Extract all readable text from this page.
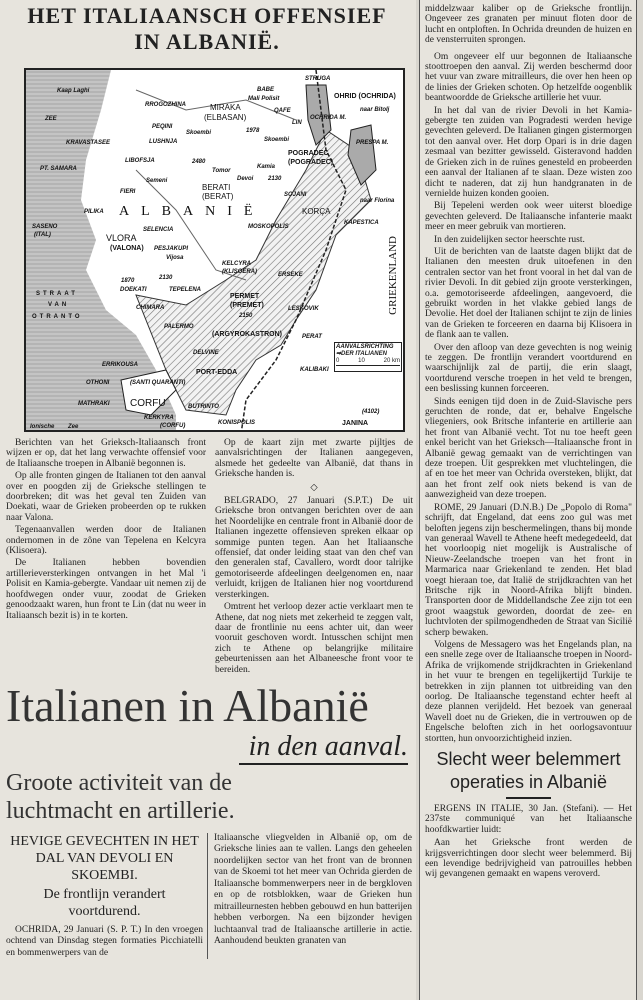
HET ITALIAANSCH OFFENSIEF
IN ALBANIË.
Kaap Laghi
ZEE
RROGOZHINA
PEQINI
Skoembi
MIRAKA
(ELBASAN)
Mali Polisit
1978
BABE
QAFE
LIN
Skoembi
STRUGA
OHRID (OCHRIDA)
OCHRIDA M.
naar Bitolj
PRESPA M.
KRAVASTASEE	LUSHNJA
LIBOFSJA
PT. SAMARA
FIERI
Semeni
2480
Tomor
Devoi
Kamia
2130
POGRADEC
(POGRADEC)
BERATI
(BERAT)	SOJANI
PILIKA ALBANIË
SASENO
(ITAL)
SELENCIA	MOSKOPOLIS
KORÇA
KAPESTICA
naar Florina
VLORA
(VALONA) PESJAKUPI
Vijosa
KELCYRA
(KLISOERA)
1870	2130
DOEKATI	TEPELENA
ERSEKE
STRAAT
VAN
OTRANTO
CHIMARA
PERMET
(PREMET)
2150
LESKOVIK
PALERMO
(ARGYROKASTRON)	PERAT
DELVINE
ERRIKOUSA
OTHONI
PORT-EDDA
(SANTI QUARANTI)
KALIBAKI
MATHRAKI CORFU	BUTRINTO
KONISPOLIS
KERKYRA
(CORFU)
Ionische Zee	JANINA
(4102)
GRIEKENLAND
AANVALSRICHTING
➡DER ITALIANEN
0	10	20 km

Berichten van het Grieksch-Italiaansch front wijzen er op, dat het lang verwachte offensief voor de Italiaansche troepen in Albanië begonnen is.

Op alle fronten gingen de Italianen tot den aanval over en poogden zij de Grieksche stellingen te doorbreken; dit was het geval ten Zuiden van Doekati, waar de Grieken probeerden op te rukken naar Valona.

Tegenaanvallen werden door de Italianen ondernomen in de zône van Tepelena en Kelcyra (Klisoera).

De Italianen hebben bovendien artillerieversterkingen ontvangen in het Mal 'i Polisit en Kamia-gebergte. Vandaar uit nemen zij de hoofdwegen onder vuur, zoodat de Grieken genoodzaakt waren, hun front te Lin (dat nu weer in Italiaansch bezit is) in te korten.

Op de kaart zijn met zwarte pijltjes de aanvalsrichtingen der Italianen aangegeven, alsmede het gedeelte van Albanië, dat thans in Grieksche handen is.

◇

BELGRADO, 27 Januari (S.P.T.) De uit Grieksche bron ontvangen berichten over de aan het Noordelijke en centrale front in Albanië door de Italianen ingezette offensieven spreken elkaar op sommige punten tegen. Aan het Italiaansche offensief, dat onder leiding staat van den chef van den generalen staf, Cavallero, wordt door talrijke gemotoriseerde afdeelingen deelgenomen en, naar verluidt, krijgen de Italianen hier nog voortdurend versterkingen.

Omtrent het verloop dezer actie verklaart men te Athene, dat nog niets met zekerheid te zeggen valt, daar de frontlinie nu eens achter uit, dan weer vooruit geschoven wordt. Intusschen schijnt men zich te Athene op belangrijke militaire gebeurtenissen aan het Albaneesche front voor te bereiden.

Italianen in Albanië
in den aanval.
Groote activiteit van de luchtmacht en artillerie.
HEVIGE GEVECHTEN IN HET DAL VAN DEVOLI EN SKOEMBI.
De frontlijn verandert voortdurend.
OCHRIDA, 29 Januari (S. P. T.) In den vroegen ochtend van Dinsdag stegen formaties Picchiatelli en bommenwerpers van de
Italiaansche vliegvelden in Albanië op, om de Grieksche linies aan te vallen. Langs den geheelen noordelijken sector van het front van de bronnen van de Skoemi tot het meer van Ochrida gierden de Italiaansche bommenwerpers neer in de bergkloven en op de rotsblokken, waar de Grieken hun mitrailleurnesten hebben gebouwd en hun batterijen hebben verborgen. Na een bijzonder hevigen luchtaanval trad de Italiaansche artillerie in actie. Aanhoudend beukten granaten van

middelzwaar kaliber op de Grieksche frontlijn. Ongeveer zes granaten per minuut floten door de lucht en ontploften. In Ochrida dreunden de huizen en de vensterruiten sprongen.

Om ongeveer elf uur begonnen de Italiaansche stoottroepen den aanval. Zij werden beschermd door het vuur van zware mitrailleurs, die over hen heen op de linies der Grieken schoten. Op hetzelfde oogenblik beantwoordde de Grieksche artillerie het vuur.

In het dal van de rivier Devoli in het Kamia-gebergte ten zuiden van Pogradesti werden hevige gevechten geleverd. De Italianen gingen gistermorgen tot den aanval over. Het dorp Opari is in drie dagen zesmaal van bezitter gewisseld. Gisteravond hadden de Grieken zich in de ruïnes genesteld en probeerden een aanval der Italianen af te slaan. Deze wisten zoo dicht te naderen, dat zij hun handgranaten in de vernielde huizen konden gooien.

Bij Tepeleni werden ook weer uiterst bloedige gevechten geleverd. De Italiaansche infanterie maakt meer en meer gebruik van mortieren.

In den zuidelijken sector heerschte rust.

Uit de berichten van de laatste dagen blijkt dat de Italianen den meesten druk uitoefenen in den centralen sector van het front vooral in het dal van de rivier Devoli. In dit gebied zijn groote versterkingen, o.a. gemotoriseerde afdeelingen, aangevoerd, die gebruikt worden in het vlakke gebied langs de Devolie. Het doel der Italianen schijnt te zijn de linies van de Grieken te forceeren en daarna bij Klisoera in de flank aan te vallen.

Over den afloop van deze gevechten is nog weinig te zeggen. De frontlijn verandert voortdurend en waarschijnlijk zal de partij, die erin slaagt, voortdurend versche troepen in het veld te brengen, een beslissing kunnen forceeren.

Sinds eenigen tijd doen in de Zuid-Slavische pers geruchten de ronde, dat er, behalve Engelsche vliegeniers, ook Britsche infanterie en artillerie aan het front van Albanië vecht. Tot nu toe heeft geen enkel bericht van het Grieksch—Italiaansche front in Albanië gewag gemaakt van de verrichtingen van deze troepen. Uit gesprekken met vluchtelingen, die af en toe het meer van Ochrida oversteken, blijkt, dat aan het front zelf ook niets bekend is van de aanwezigheid van deze troepen.

ROME, 29 Januari (D.N.B.) De „Popolo di Roma" schrijft, dat Engeland, dat eens zoo gul was met beloften jegens zijn beschermelingen, thans bij monde van generaal Wavell te Athene heeft medegedeeld, dat het voorloopig niet mogelijk is Australische of Nieuw-Zeelandsche troepen van het front in Marmarica naar Griekenland te zenden. Het blad voegt hieraan toe, dat Italië de strijdkrachten van het Britsche rijk in Noord-Afrika blijft binden. Transporten door de Middellandsche Zee zijn tot een groot waagstuk geworden, doordat de zee- en luchtvloten der spilmogendheden de Straat van Sicilië scherp bewaken.

Volgens de Messagero was het Engelands plan, na een snelle zege over de Italiaansche troepen in Noord-Afrika de vrijkomende strijdkrachten in Griekenland in het vuur te brengen en tegelijkertijd Turkije te betrekken in zijn plannen tot uitbreiding van den oorlog. De Italiaansche tegenstand echter heeft al deze plannen verijdeld. Het bezoek van generaal Wavell doet nu de Grieken, die in vertrouwen op de Engelsche beloften zich in het oorlogsavontuur stortten, hun onvoorzichtigheid inzien.

Slecht weer belemmert operaties in Albanië
ERGENS IN ITALIE, 30 Jan. (Stefani). — Het 237ste communiqué van het Italiaansche hoofdkwartier luidt:
Aan het Grieksche front werden de krijgsverrichtingen door slecht weer belemmerd. Bij een levendige bedrijvigheid van patrouilles hebben wij gevangenen gemaakt en wapens veroverd.
